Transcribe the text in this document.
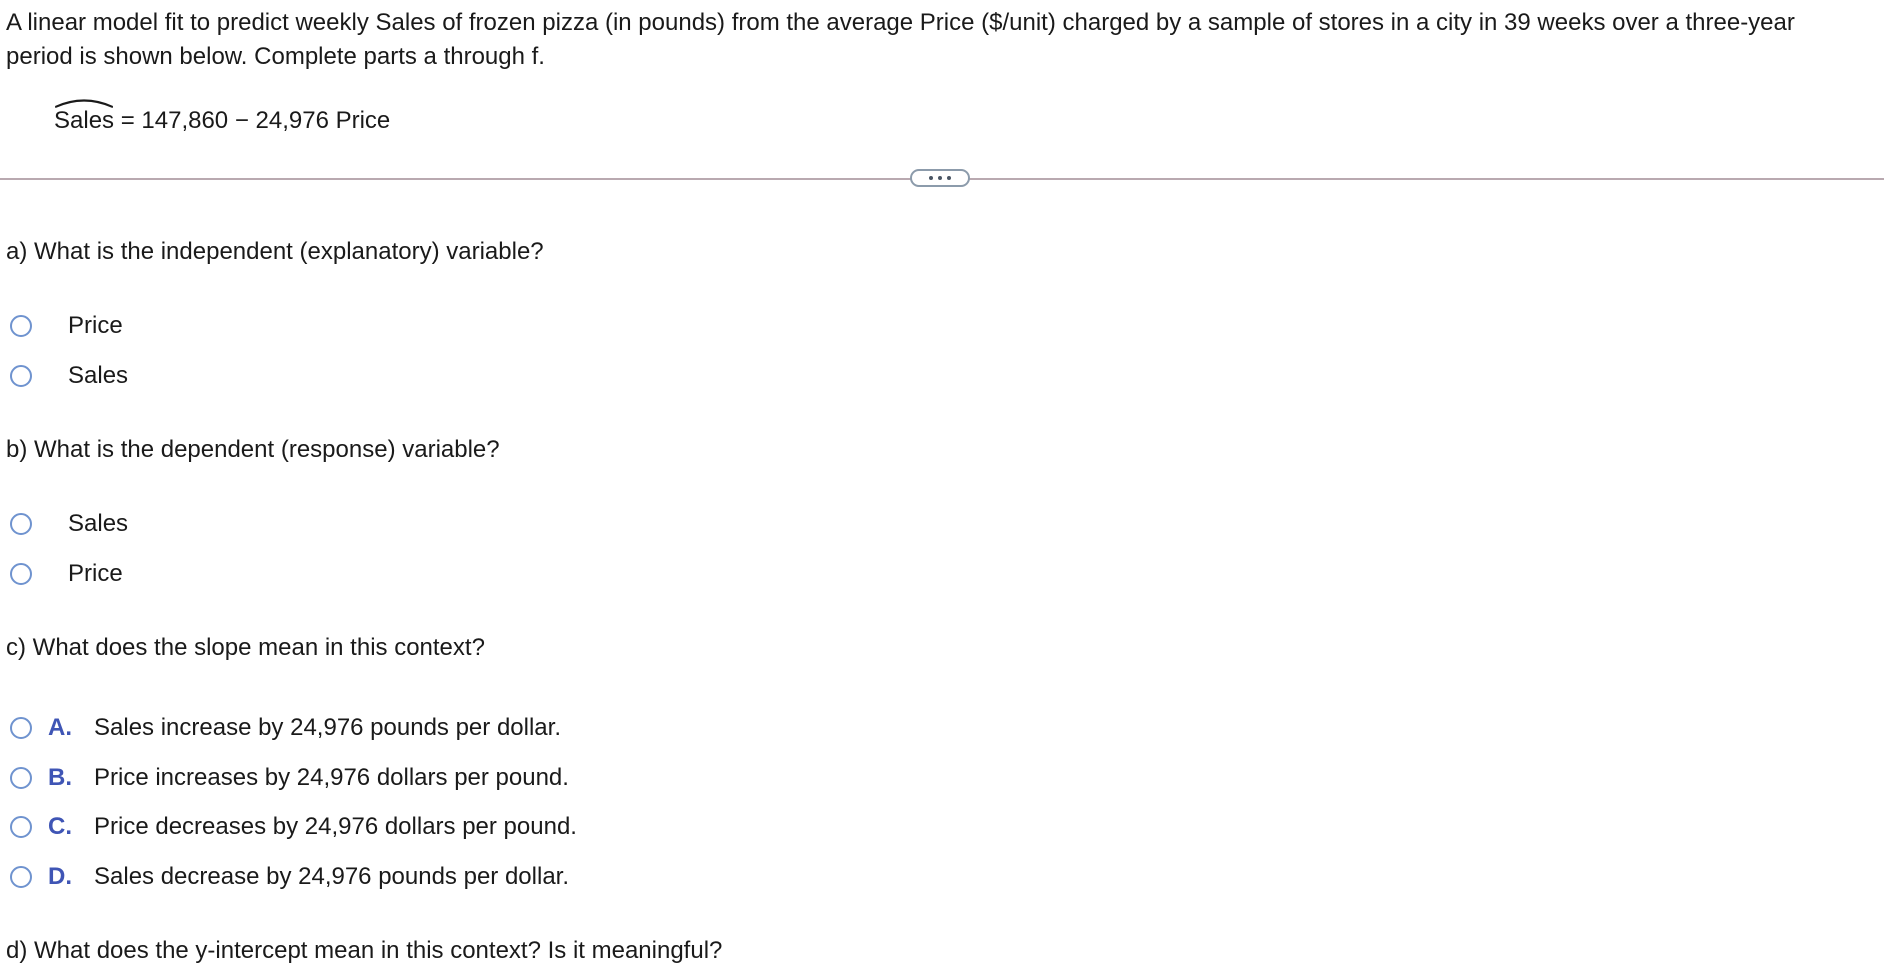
A linear model fit to predict weekly Sales of frozen pizza (in pounds) from the average Price ($/unit) charged by a sample of stores in a city in 39 weeks over a three-year period is shown below. Complete parts a through f.

Sales = 147,860 − 24,976 Price
a) What is the independent (explanatory) variable?
Price
Sales
b) What is the dependent (response) variable?
Sales
Price
c) What does the slope mean in this context?
A. Sales increase by 24,976 pounds per dollar.
B. Price increases by 24,976 dollars per pound.
C. Price decreases by 24,976 dollars per pound.
D. Sales decrease by 24,976 pounds per dollar.
d) What does the y-intercept mean in this context? Is it meaningful?
